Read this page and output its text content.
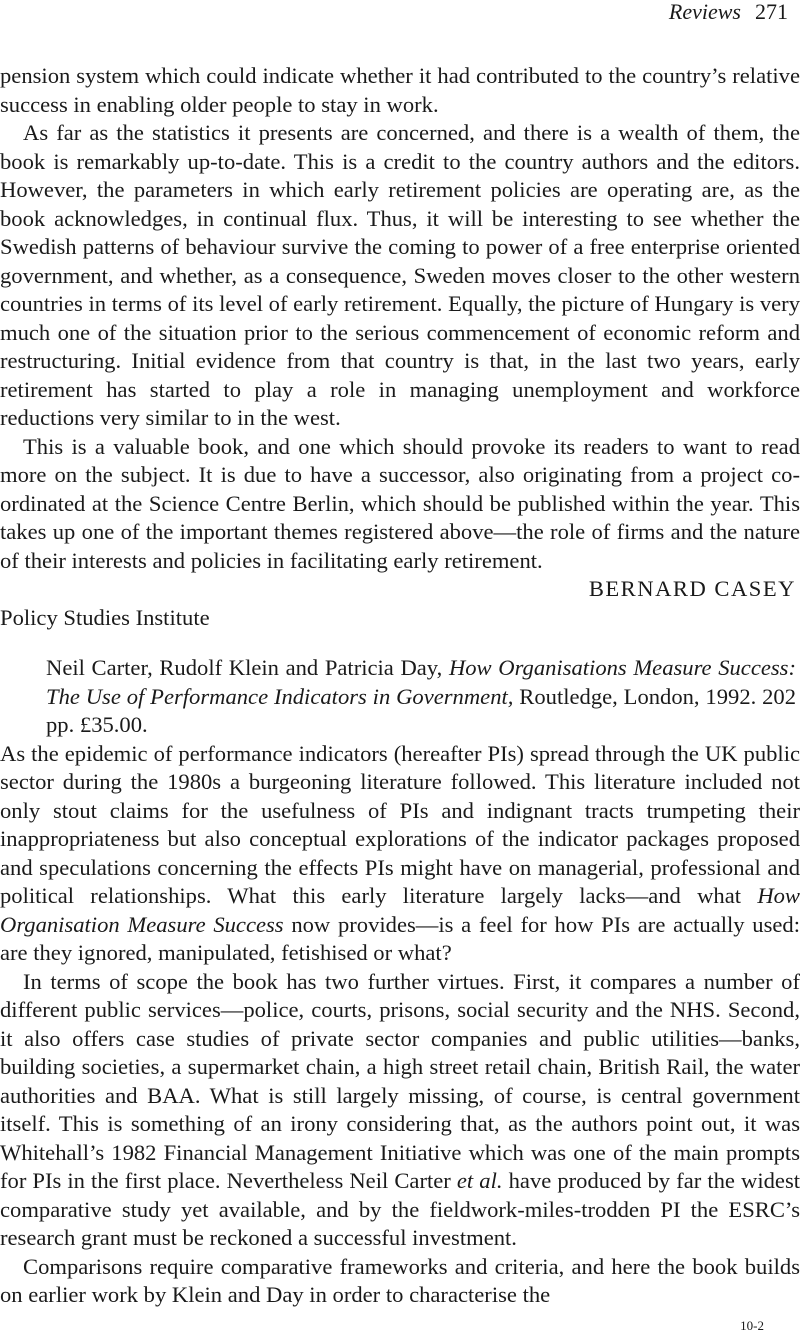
Reviews 271

pension system which could indicate whether it had contributed to the country’s relative success in enabling older people to stay in work.

As far as the statistics it presents are concerned, and there is a wealth of them, the book is remarkably up-to-date. This is a credit to the country authors and the editors. However, the parameters in which early retirement policies are operating are, as the book acknowledges, in continual flux. Thus, it will be interesting to see whether the Swedish patterns of behaviour survive the coming to power of a free enterprise oriented government, and whether, as a consequence, Sweden moves closer to the other western countries in terms of its level of early retirement. Equally, the picture of Hungary is very much one of the situation prior to the serious commencement of economic reform and restructuring. Initial evidence from that country is that, in the last two years, early retirement has started to play a role in managing unemployment and workforce reductions very similar to in the west.

This is a valuable book, and one which should provoke its readers to want to read more on the subject. It is due to have a successor, also originating from a project co-ordinated at the Science Centre Berlin, which should be published within the year. This takes up one of the important themes registered above—the role of firms and the nature of their interests and policies in facilitating early retirement.

BERNARD CASEY

Policy Studies Institute

Neil Carter, Rudolf Klein and Patricia Day, How Organisations Measure Success: The Use of Performance Indicators in Government, Routledge, London, 1992. 202 pp. £35.00.

As the epidemic of performance indicators (hereafter PIs) spread through the UK public sector during the 1980s a burgeoning literature followed. This literature included not only stout claims for the usefulness of PIs and indignant tracts trumpeting their inappropriateness but also conceptual explorations of the indicator packages proposed and speculations concerning the effects PIs might have on managerial, professional and political relationships. What this early literature largely lacks—and what How Organisation Measure Success now provides—is a feel for how PIs are actually used: are they ignored, manipulated, fetishised or what?

In terms of scope the book has two further virtues. First, it compares a number of different public services—police, courts, prisons, social security and the NHS. Second, it also offers case studies of private sector companies and public utilities—banks, building societies, a supermarket chain, a high street retail chain, British Rail, the water authorities and BAA. What is still largely missing, of course, is central government itself. This is something of an irony considering that, as the authors point out, it was Whitehall’s 1982 Financial Management Initiative which was one of the main prompts for PIs in the first place. Nevertheless Neil Carter et al. have produced by far the widest comparative study yet available, and by the fieldwork-miles-trodden PI the ESRC’s research grant must be reckoned a successful investment.

Comparisons require comparative frameworks and criteria, and here the book builds on earlier work by Klein and Day in order to characterise the

10-2
